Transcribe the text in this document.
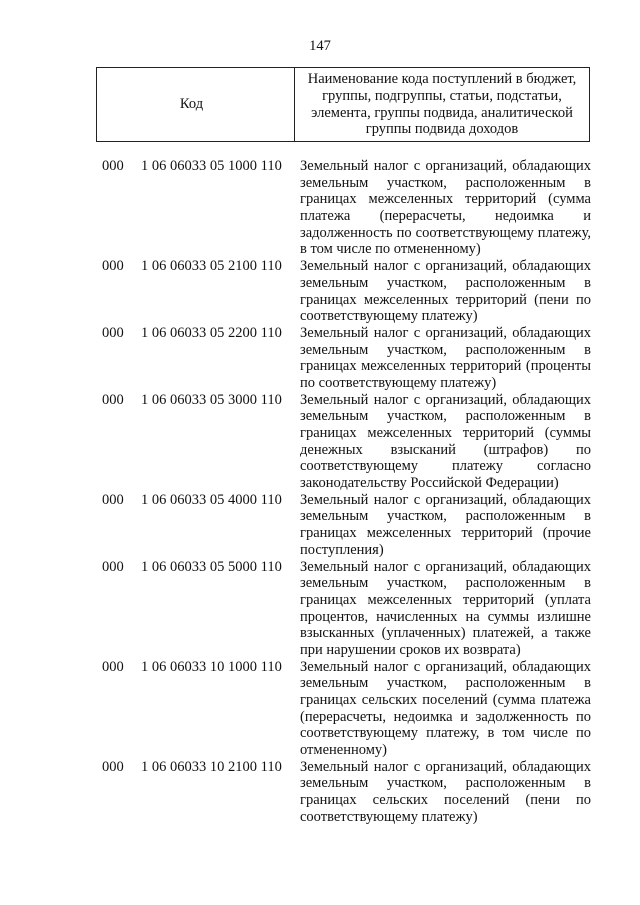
147
Код
Наименование кода поступлений в бюджет, группы, подгруппы, статьи, подстатьи, элемента, группы подвида, аналитической группы подвида доходов
000	1 06 06033 05 1000 110	Земельный налог с организаций, обладающих
земельным участком, расположенным в
границах межселенных территорий (сумма
платежа (перерасчеты, недоимка и
задолженность по соответствующему платежу,
в том числе по отмененному)
000	1 06 06033 05 2100 110	Земельный налог с организаций, обладающих
земельным участком, расположенным в
границах межселенных территорий (пени по
соответствующему платежу)
000	1 06 06033 05 2200 110	Земельный налог с организаций, обладающих
земельным участком, расположенным в
границах межселенных территорий (проценты
по соответствующему платежу)
000	1 06 06033 05 3000 110	Земельный налог с организаций, обладающих
земельным участком, расположенным в
границах межселенных территорий (суммы
денежных взысканий (штрафов) по
соответствующему платежу согласно
законодательству Российской Федерации)
000	1 06 06033 05 4000 110	Земельный налог с организаций, обладающих
земельным участком, расположенным в
границах межселенных территорий (прочие
поступления)
000	1 06 06033 05 5000 110	Земельный налог с организаций, обладающих
земельным участком, расположенным в
границах межселенных территорий (уплата
процентов, начисленных на суммы излишне
взысканных (уплаченных) платежей, а также
при нарушении сроков их возврата)
000	1 06 06033 10 1000 110	Земельный налог с организаций, обладающих
земельным участком, расположенным в
границах сельских поселений (сумма платежа
(перерасчеты, недоимка и задолженность по
соответствующему платежу, в том числе по
отмененному)
000	1 06 06033 10 2100 110	Земельный налог с организаций, обладающих
земельным участком, расположенным в
границах сельских поселений (пени по
соответствующему платежу)
